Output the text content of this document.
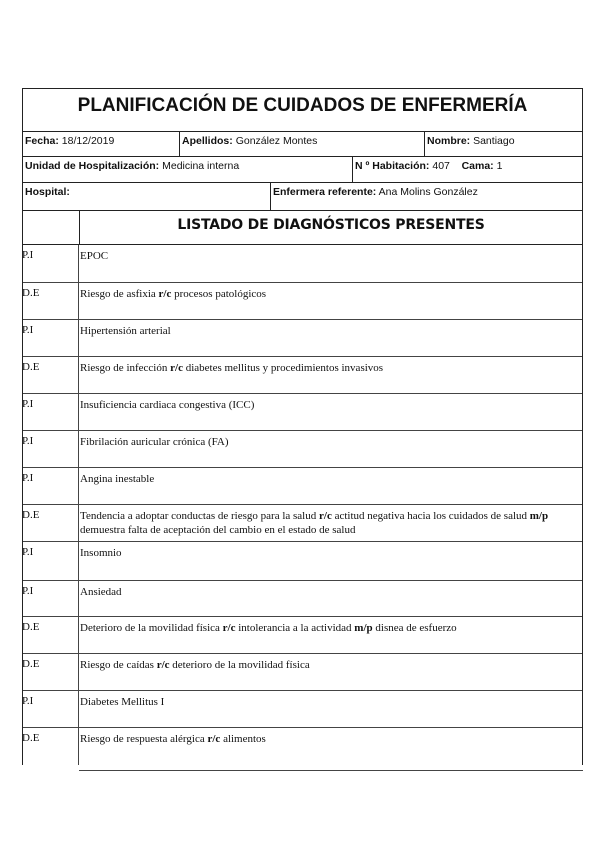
PLANIFICACIÓN DE CUIDADOS DE ENFERMERÍA
Fecha: 18/12/2019	Apellidos: González Montes	Nombre: Santiago
Unidad de Hospitalización: Medicina interna	N º Habitación: 407 Cama: 1
Hospital:	Enfermera referente: Ana Molins González
LISTADO DE DIAGNÓSTICOS PRESENTES
P.I	EPOC
D.E	Riesgo de asfixia r/c procesos patológicos
P.I	Hipertensión arterial
D.E	Riesgo de infección r/c diabetes mellitus y procedimientos invasivos
P.I	Insuficiencia cardiaca congestiva (ICC)
P.I	Fibrilación auricular crónica (FA)
P.I	Angina inestable
D.E	Tendencia a adoptar conductas de riesgo para la salud r/c actitud negativa hacia los cuidados de salud m/p demuestra falta de aceptación del cambio en el estado de salud
P.I	Insomnio
P.I	Ansiedad
D.E	Deterioro de la movilidad física r/c intolerancia a la actividad m/p disnea de esfuerzo
D.E	Riesgo de caídas r/c deterioro de la movilidad física
P.I	Diabetes Mellitus I
D.E	Riesgo de respuesta alérgica r/c alimentos
